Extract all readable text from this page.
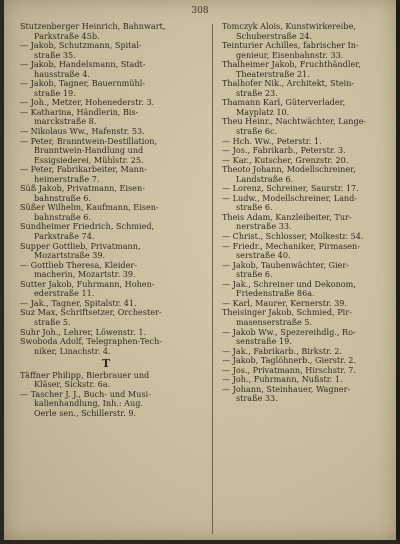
308
Stutzenberger Heinrich, Bahnwart,
Parkstraße 45b.
— Jakob, Schutzmann, Spital-
straße 35.
— Jakob, Handelsmann, Stadt-
hausstraße 4.
— Jakob, Tagner, Bauernmühl-
straße 19.
— Joh., Metzer, Hohenederstr. 3.
— Katharina, Händlerin, Bis-
marckstraße 8.
— Nikolaus Ww., Hafenstr. 53.
— Peter, Branntwein-Destillation,
Branntwein-Handlung und
Essigsiederei, Mühlstr. 25.
— Peter, Fabrikarbeiter, Mann-
heimerstraße 7.
Süß Jakob, Privatmann, Eisen-
bahnstraße 6.
Süßer Wilhelm, Kaufmann, Eisen-
bahnstraße 6.
Sundheimer Friedrich, Schmied,
Parkstraße 74.
Supper Gottlieb, Privatmann,
Mozartstraße 39.
— Gottlieb Theresa, Kleider-
macherin, Mozartstr. 39.
Sutter Jakob, Fuhrmann, Hohen-
ederstraße 11.
— Jak., Tagner, Spitalstr. 41.
Suz Max, Schriftsetzer, Orchester-
straße 5.
Suhr Joh., Lehrer, Löwenstr. 1.
Swoboda Adolf, Telegraphen-Tech-
niker, Linachstr. 4.
T
Täffner Philipp, Bierbrauer und
Kläser, Sickstr. 6a.
— Tascher J. J., Buch- und Musi-
kalienhandlung, Inh.: Aug.
Oerle sen., Schillerstr. 9.
Tomczyk Alois, Kunstwirkereibe,
Schuberstraße 24.
Teinturier Achilles, fabrischer In-
genieur, Eisenbahnstr. 33.
Thalheimer Jakob, Fruchthändler,
Theaterstraße 21.
Thalhofer Nik., Architekt, Stein-
straße 23.
Thamann Karl, Güterverlader,
Mayplatz 10.
Theu Heinr., Nachtwächter, Lange-
straße 6c.
— Hch. Ww., Peterstr. 1.
— Jos., Fabrikarb., Peterstr. 3.
— Kar., Kutscher, Grenzstr. 20.
Theoto Johann, Modellschreiner,
Landstraße 6.
— Lorenz, Schreiner, Saurstr. 17.
— Ludw., Modellschreiner, Land-
straße 6.
Theis Adam, Kanzleibeiter, Tur-
nerstraße 33.
— Christ., Schlosser, Molkestr. 54.
— Friedr., Mechaniker, Pirmasen-
serstraße 40.
— Jakob, Taubenwächter, Gier-
straße 6.
— Jak., Schreiner und Dekonom,
Friedenstraße 86a.
— Karl, Maurer, Kernerstr. 39.
Theisinger Jakob, Schmied, Pir-
masenserstraße 5.
— Jakob Ww., Spezereihdlg., Ro-
senstraße 19.
— Jak., Fabrikarb., Birkstr. 2.
— Jakob, Taglöhnerb., Gierstr. 2.
— Jos., Privatmann, Hirschstr. 7.
— Joh., Fuhrmann, Nußstr. 1.
— Johann, Steinhauer, Wagner-
straße 33.
